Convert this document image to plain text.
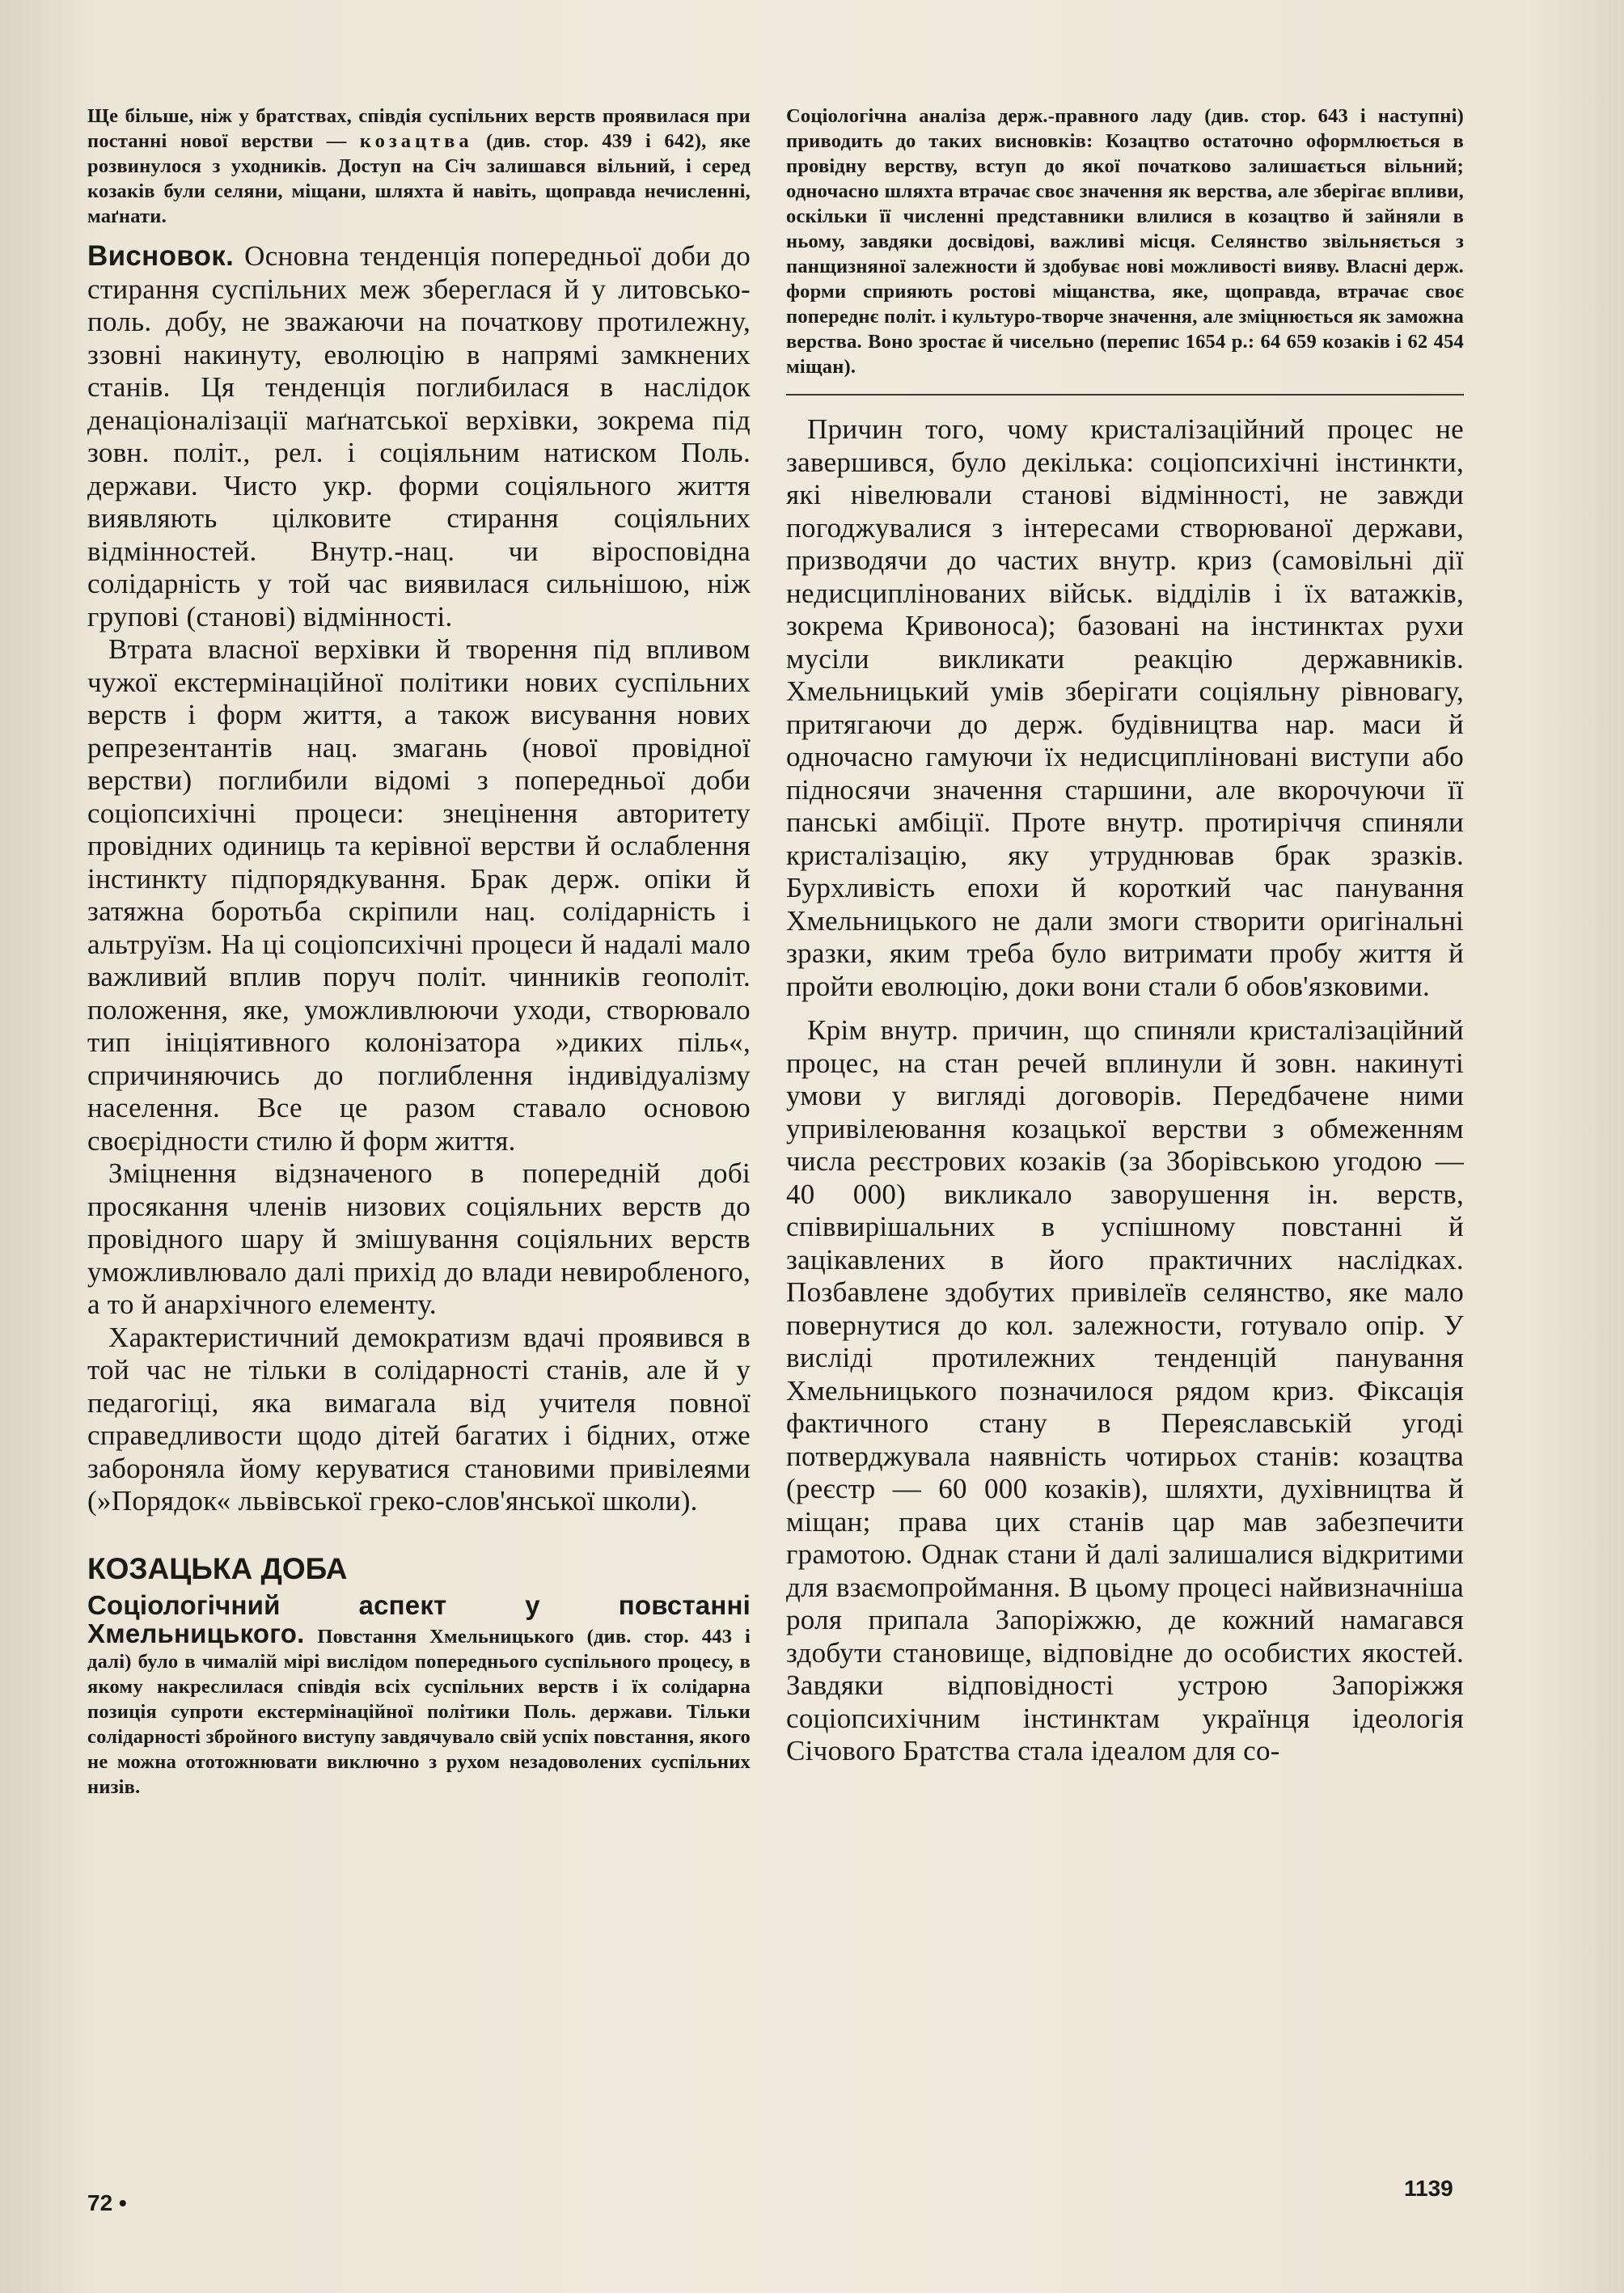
Ще більше, ніж у братствах, співдія суспільних верств проявилася при постанні нової верстви — козацтва (див. стор. 439 і 642), яке розвинулося з уходників. Доступ на Січ залишався вільний, і серед козаків були селяни, міщани, шляхта й навіть, щоправда нечисленні, маґнати.

Висновок. Основна тенденція попередньої доби до стирання суспільних меж збереглася й у литовсько-поль. добу, не зважаючи на початкову протилежну, ззовні накинуту, еволюцію в напрямі замкнених станів. Ця тенденція поглибилася в наслідок денаціоналізації маґнатської верхівки, зокрема під зовн. політ., рел. і соціяльним натиском Поль. держави. Чисто укр. форми соціяльного життя виявляють цілковите стирання соціяльних відмінностей. Внутр.-нац. чи віросповідна солідарність у той час виявилася сильнішою, ніж групові (станові) відмінності.

Втрата власної верхівки й творення під впливом чужої екстермінаційної політики нових суспільних верств і форм життя, а також висування нових репрезентантів нац. змагань (нової провідної верстви) поглибили відомі з попередньої доби соціопсихічні процеси: знецінення авторитету провідних одиниць та керівної верстви й ослаблення інстинкту підпорядкування. Брак держ. опіки й затяжна боротьба скріпили нац. солідарність і альтруїзм. На ці соціопсихічні процеси й надалі мало важливий вплив поруч політ. чинників геополіт. положення, яке, уможливлюючи уходи, створювало тип ініціятивного колонізатора »диких піль«, спричиняючись до поглиблення індивідуалізму населення. Все це разом ставало основою своєрідности стилю й форм життя.

Зміцнення відзначеного в попередній добі просякання членів низових соціяльних верств до провідного шару й змішування соціяльних верств уможливлювало далі прихід до влади невиробленого, а то й анархічного елементу.

Характеристичний демократизм вдачі проявився в той час не тільки в солідарності станів, але й у педагогіці, яка вимагала від учителя повної справедливости щодо дітей багатих і бідних, отже забороняла йому керуватися становими привілеями (»Порядок« львівської греко-слов'янської школи).

КОЗАЦЬКА ДОБА

Соціологічний аспект у повстанні Хмельницького. Повстання Хмельницького (див. стор. 443 і далі) було в чималій мірі вислідом попереднього суспільного процесу, в якому накреслилася співдія всіх суспільних верств і їх солідарна позиція супроти екстермінаційної політики Поль. держави. Тільки солідарності збройного виступу завдячувало свій успіх повстання, якого не можна ототожнювати виключно з рухом незадоволених суспільних низів.

Соціологічна аналіза держ.-правного ладу (див. стор. 643 і наступні) приводить до таких висновків: Козацтво остаточно оформлюється в провідну верству, вступ до якої початково залишається вільний; одночасно шляхта втрачає своє значення як верства, але зберігає впливи, оскільки її численні представники влилися в козацтво й зайняли в ньому, завдяки досвідові, важливі місця. Селянство звільняється з панщизняної залежности й здобуває нові можливості вияву. Власні держ. форми сприяють ростові міщанства, яке, щоправда, втрачає своє попереднє політ. і культуро-творче значення, але зміцнюється як заможна верства. Воно зростає й чисельно (перепис 1654 р.: 64 659 козаків і 62 454 міщан).

Причин того, чому кристалізаційний процес не завершився, було декілька: соціопсихічні інстинкти, які нівелювали станові відмінності, не завжди погоджувалися з інтересами створюваної держави, призводячи до частих внутр. криз (самовільні дії недисциплінованих військ. відділів і їх ватажків, зокрема Кривоноса); базовані на інстинктах рухи мусіли викликати реакцію державників. Хмельницький умів зберігати соціяльну рівновагу, притягаючи до держ. будівництва нар. маси й одночасно гамуючи їх недисципліновані виступи або підносячи значення старшини, але вкорочуючи її панські амбіції. Проте внутр. протиріччя спиняли кристалізацію, яку утруднював брак зразків. Бурхливість епохи й короткий час панування Хмельницького не дали змоги створити оригінальні зразки, яким треба було витримати пробу життя й пройти еволюцію, доки вони стали б обов'язковими.

Крім внутр. причин, що спиняли кристалізаційний процес, на стан речей вплинули й зовн. накинуті умови у вигляді договорів. Передбачене ними упривілеювання козацької верстви з обмеженням числа реєстрових козаків (за Зборівською угодою — 40 000) викликало заворушення ін. верств, співвирішальних в успішному повстанні й зацікавлених в його практичних наслідках. Позбавлене здобутих привілеїв селянство, яке мало повернутися до кол. залежности, готувало опір. У висліді протилежних тенденцій панування Хмельницького позначилося рядом криз. Фіксація фактичного стану в Переяславській угоді потверджувала наявність чотирьох станів: козацтва (реєстр — 60 000 козаків), шляхти, духівництва й міщан; права цих станів цар мав забезпечити грамотою. Однак стани й далі залишалися відкритими для взаємопроймання. В цьому процесі найвизначніша роля припала Запоріжжю, де кожний намагався здобути становище, відповідне до особистих якостей. Завдяки відповідності устрою Запоріжжя соціопсихічним інстинктам українця ідеологія Січового Братства стала ідеалом для со-

72 •
1139
